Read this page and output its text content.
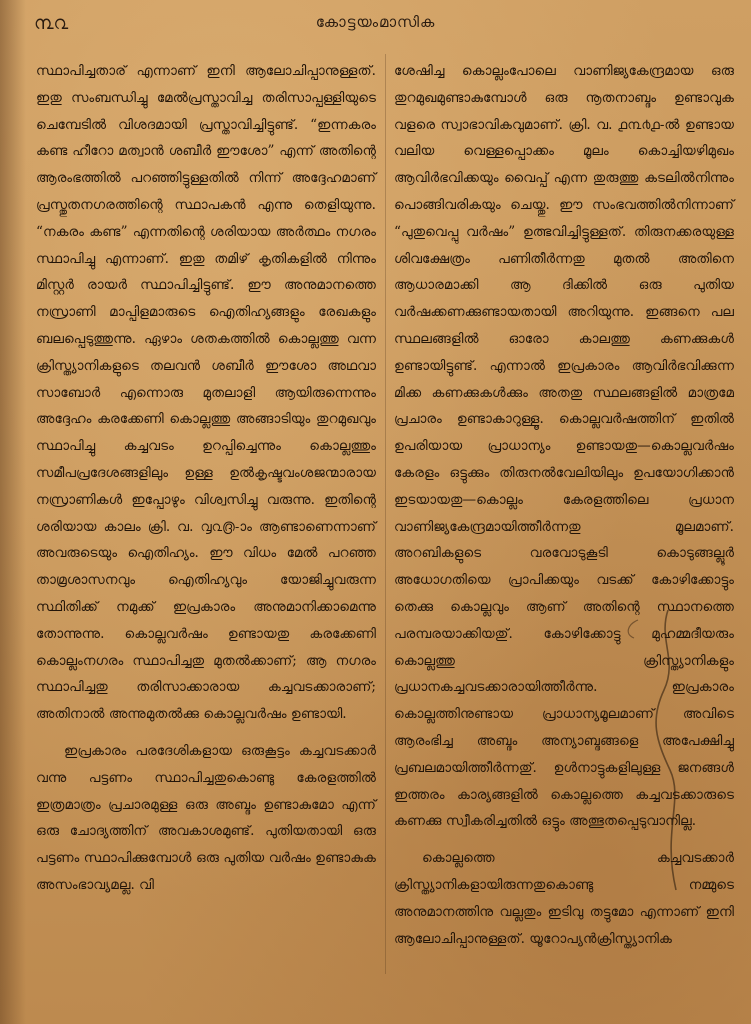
൩൨	കോട്ടയംമാസിക

സ്ഥാപിച്ചതാര് എന്നാണ് ഇനി ആലോചിപ്പാനുള്ളത്. ഇതു സംബന്ധിച്ചു മേൽപ്രസ്താവിച്ച തരിസാപ്പള്ളിയുടെ ചെമ്പേടിൽ വിശദമായി പ്രസ്താവിച്ചിട്ടുണ്ട്. “ഇന്നകരം കണ്ട ഹീറോ മത്വാൻ ശബീർ ഈശോ” എന്ന് അതിന്റെ ആരംഭത്തിൽ പറഞ്ഞിട്ടുള്ളതിൽ നിന്ന് അദ്ദേഹമാണ് പ്രസ്തുതനഗരത്തിന്റെ സ്ഥാപകൻ എന്നു തെളിയുന്നു. “നകരം കണ്ട” എന്നതിന്റെ ശരിയായ അർത്ഥം നഗരം സ്ഥാപിച്ചു എന്നാണ്. ഇതു തമിഴ് കൃതികളിൽ നിന്നും മിസ്റ്റർ രായർ സ്ഥാപിച്ചിട്ടുണ്ട്. ഈ അനുമാനത്തെ നസ്രാണി മാപ്പിളമാരുടെ ഐതിഹ്യങ്ങളും രേഖകളും ബലപ്പെടുത്തുന്നു. ഏഴാം ശതകത്തിൽ കൊല്ലത്തു വന്ന ക്രിസ്ത്യാനികളുടെ തലവൻ ശബീർ ഈശോ അഥവാ സാബോർ എന്നൊരു മുതലാളി ആയിരുന്നെന്നും അദ്ദേഹം കരക്കേണി കൊല്ലത്തു അങ്ങാടിയും തുറമുഖവും സ്ഥാപിച്ചു കച്ചവടം ഉറപ്പിച്ചെന്നും കൊല്ലത്തും സമീപപ്രദേശങ്ങളിലും ഉള്ള ഉൽകൃഷ്ടവംശജന്മാരായ നസ്രാണികൾ ഇപ്പോഴും വിശ്വസിച്ചു വരുന്നു. ഇതിന്റെ ശരിയായ കാലം ക്രി. വ. ൮൨൫-ാം ആണ്ടാണെന്നാണ് അവരുടെയും ഐതിഹ്യം. ഈ വിധം മേൽ പറഞ്ഞ താമ്രശാസനവും ഐതിഹ്യവും യോജിച്ചുവരുന്ന സ്ഥിതിക്ക് നമുക്ക് ഇപ്രകാരം അനുമാനിക്കാമെന്നു തോന്നുന്നു. കൊല്ലവർഷം ഉണ്ടായതു കരക്കേണി കൊല്ലംനഗരം സ്ഥാപിച്ചതു മുതൽക്കാണ്; ആ നഗരം സ്ഥാപിച്ചതു തരിസാക്കാരായ കച്ചവടക്കാരാണ്; അതിനാൽ അന്നുമുതൽക്കു കൊല്ലവർഷം ഉണ്ടായി.

ഇപ്രകാരം പരദേശികളായ ഒരുകൂട്ടം കച്ചവടക്കാർ വന്നു പട്ടണം സ്ഥാപിച്ചതുകൊണ്ടു കേരളത്തിൽ ഇത്രമാത്രം പ്രചാരമുള്ള ഒരു അബ്ദം ഉണ്ടാകുമോ എന്ന് ഒരു ചോദ്യത്തിന് അവകാശമുണ്ട്. പുതിയതായി ഒരു പട്ടണം സ്ഥാപിക്കുമ്പോൾ ഒരു പുതിയ വർഷം ഉണ്ടാകുക അസംഭാവ്യമല്ല. വി

ശേഷിച്ച കൊല്ലംപോലെ വാണിജ്യകേന്ദ്രമായ ഒരു തുറമുഖമുണ്ടാകുമ്പോൾ ഒരു നൂതനാബ്ദം ഉണ്ടാവുക വളരെ സ്വാഭാവികവുമാണ്. ക്രി. വ. ൧൩൪൧-ൽ ഉണ്ടായ വലിയ വെള്ളപ്പൊക്കം മൂലം കൊച്ചിയഴിമുഖം ആവിർഭവിക്കയും വൈപ്പ് എന്ന തുരുത്തു കടലിൽനിന്നും പൊങ്ങിവരികയും ചെയ്തു. ഈ സംഭവത്തിൽനിന്നാണ് “പുതുവെപ്പു വർഷം” ഉത്ഭവിച്ചിട്ടുള്ളത്. തിരുനക്കരയുള്ള ശിവക്ഷേത്രം പണിതീർന്നതു മുതൽ അതിനെ ആധാരമാക്കി ആ ദിക്കിൽ ഒരു പുതിയ വർഷക്കണക്കുണ്ടായതായി അറിയുന്നു. ഇങ്ങനെ പല സ്ഥലങ്ങളിൽ ഓരോ കാലത്തു കണക്കുകൾ ഉണ്ടായിട്ടുണ്ട്. എന്നാൽ ഇപ്രകാരം ആവിർഭവിക്കുന്ന മിക്ക കണക്കുകൾക്കും അതതു സ്ഥലങ്ങളിൽ മാത്രമേ പ്രചാരം ഉണ്ടാകാറുള്ളൂ. കൊല്ലവർഷത്തിന് ഇതിൽ ഉപരിയായ പ്രാധാന്യം ഉണ്ടായതു—കൊല്ലവർഷം കേരളം ഒട്ടുക്കും തിരുനൽവേലിയിലും ഉപയോഗിക്കാൻ ഇടയായതു—കൊല്ലം കേരളത്തിലെ പ്രധാന വാണിജ്യകേന്ദ്രമായിത്തീർന്നതു മൂലമാണ്. അറബികളുടെ വരവോടുകൂടി കൊടുങ്ങല്ലൂർ അധോഗതിയെ പ്രാപിക്കയും വടക്ക് കോഴിക്കോട്ടും തെക്കു കൊല്ലവും ആണ് അതിന്റെ സ്ഥാനത്തെ പരമ്പരയാക്കിയതു്. കോഴിക്കോട്ടു മുഹമ്മദീയരും കൊല്ലത്തു ക്രിസ്ത്യാനികളും പ്രധാനകച്ചവടക്കാരായിത്തീർന്നു. ഇപ്രകാരം കൊല്ലത്തിനുണ്ടായ പ്രാധാന്യമൂലമാണ് അവിടെ ആരംഭിച്ച അബ്ദം അന്യാബ്ദങ്ങളെ അപേക്ഷിച്ചു പ്രബലമായിത്തീർന്നതു്. ഉൾനാട്ടുകളിലുള്ള ജനങ്ങൾ ഇത്തരം കാര്യങ്ങളിൽ കൊല്ലത്തെ കച്ചവടക്കാരുടെ കണക്കു സ്വീകരിച്ചതിൽ ഒട്ടും അത്ഭുതപ്പെടുവാനില്ല.

കൊല്ലത്തെ കച്ചവടക്കാർ ക്രിസ്ത്യാനികളായിരുന്നതുകൊണ്ടു നമ്മുടെ അനുമാനത്തിനു വല്ലതും ഇടിവു തട്ടുമോ എന്നാണ് ഇനി ആലോചിപ്പാനുള്ളത്. യൂറോപ്യൻക്രിസ്ത്യാനിക
